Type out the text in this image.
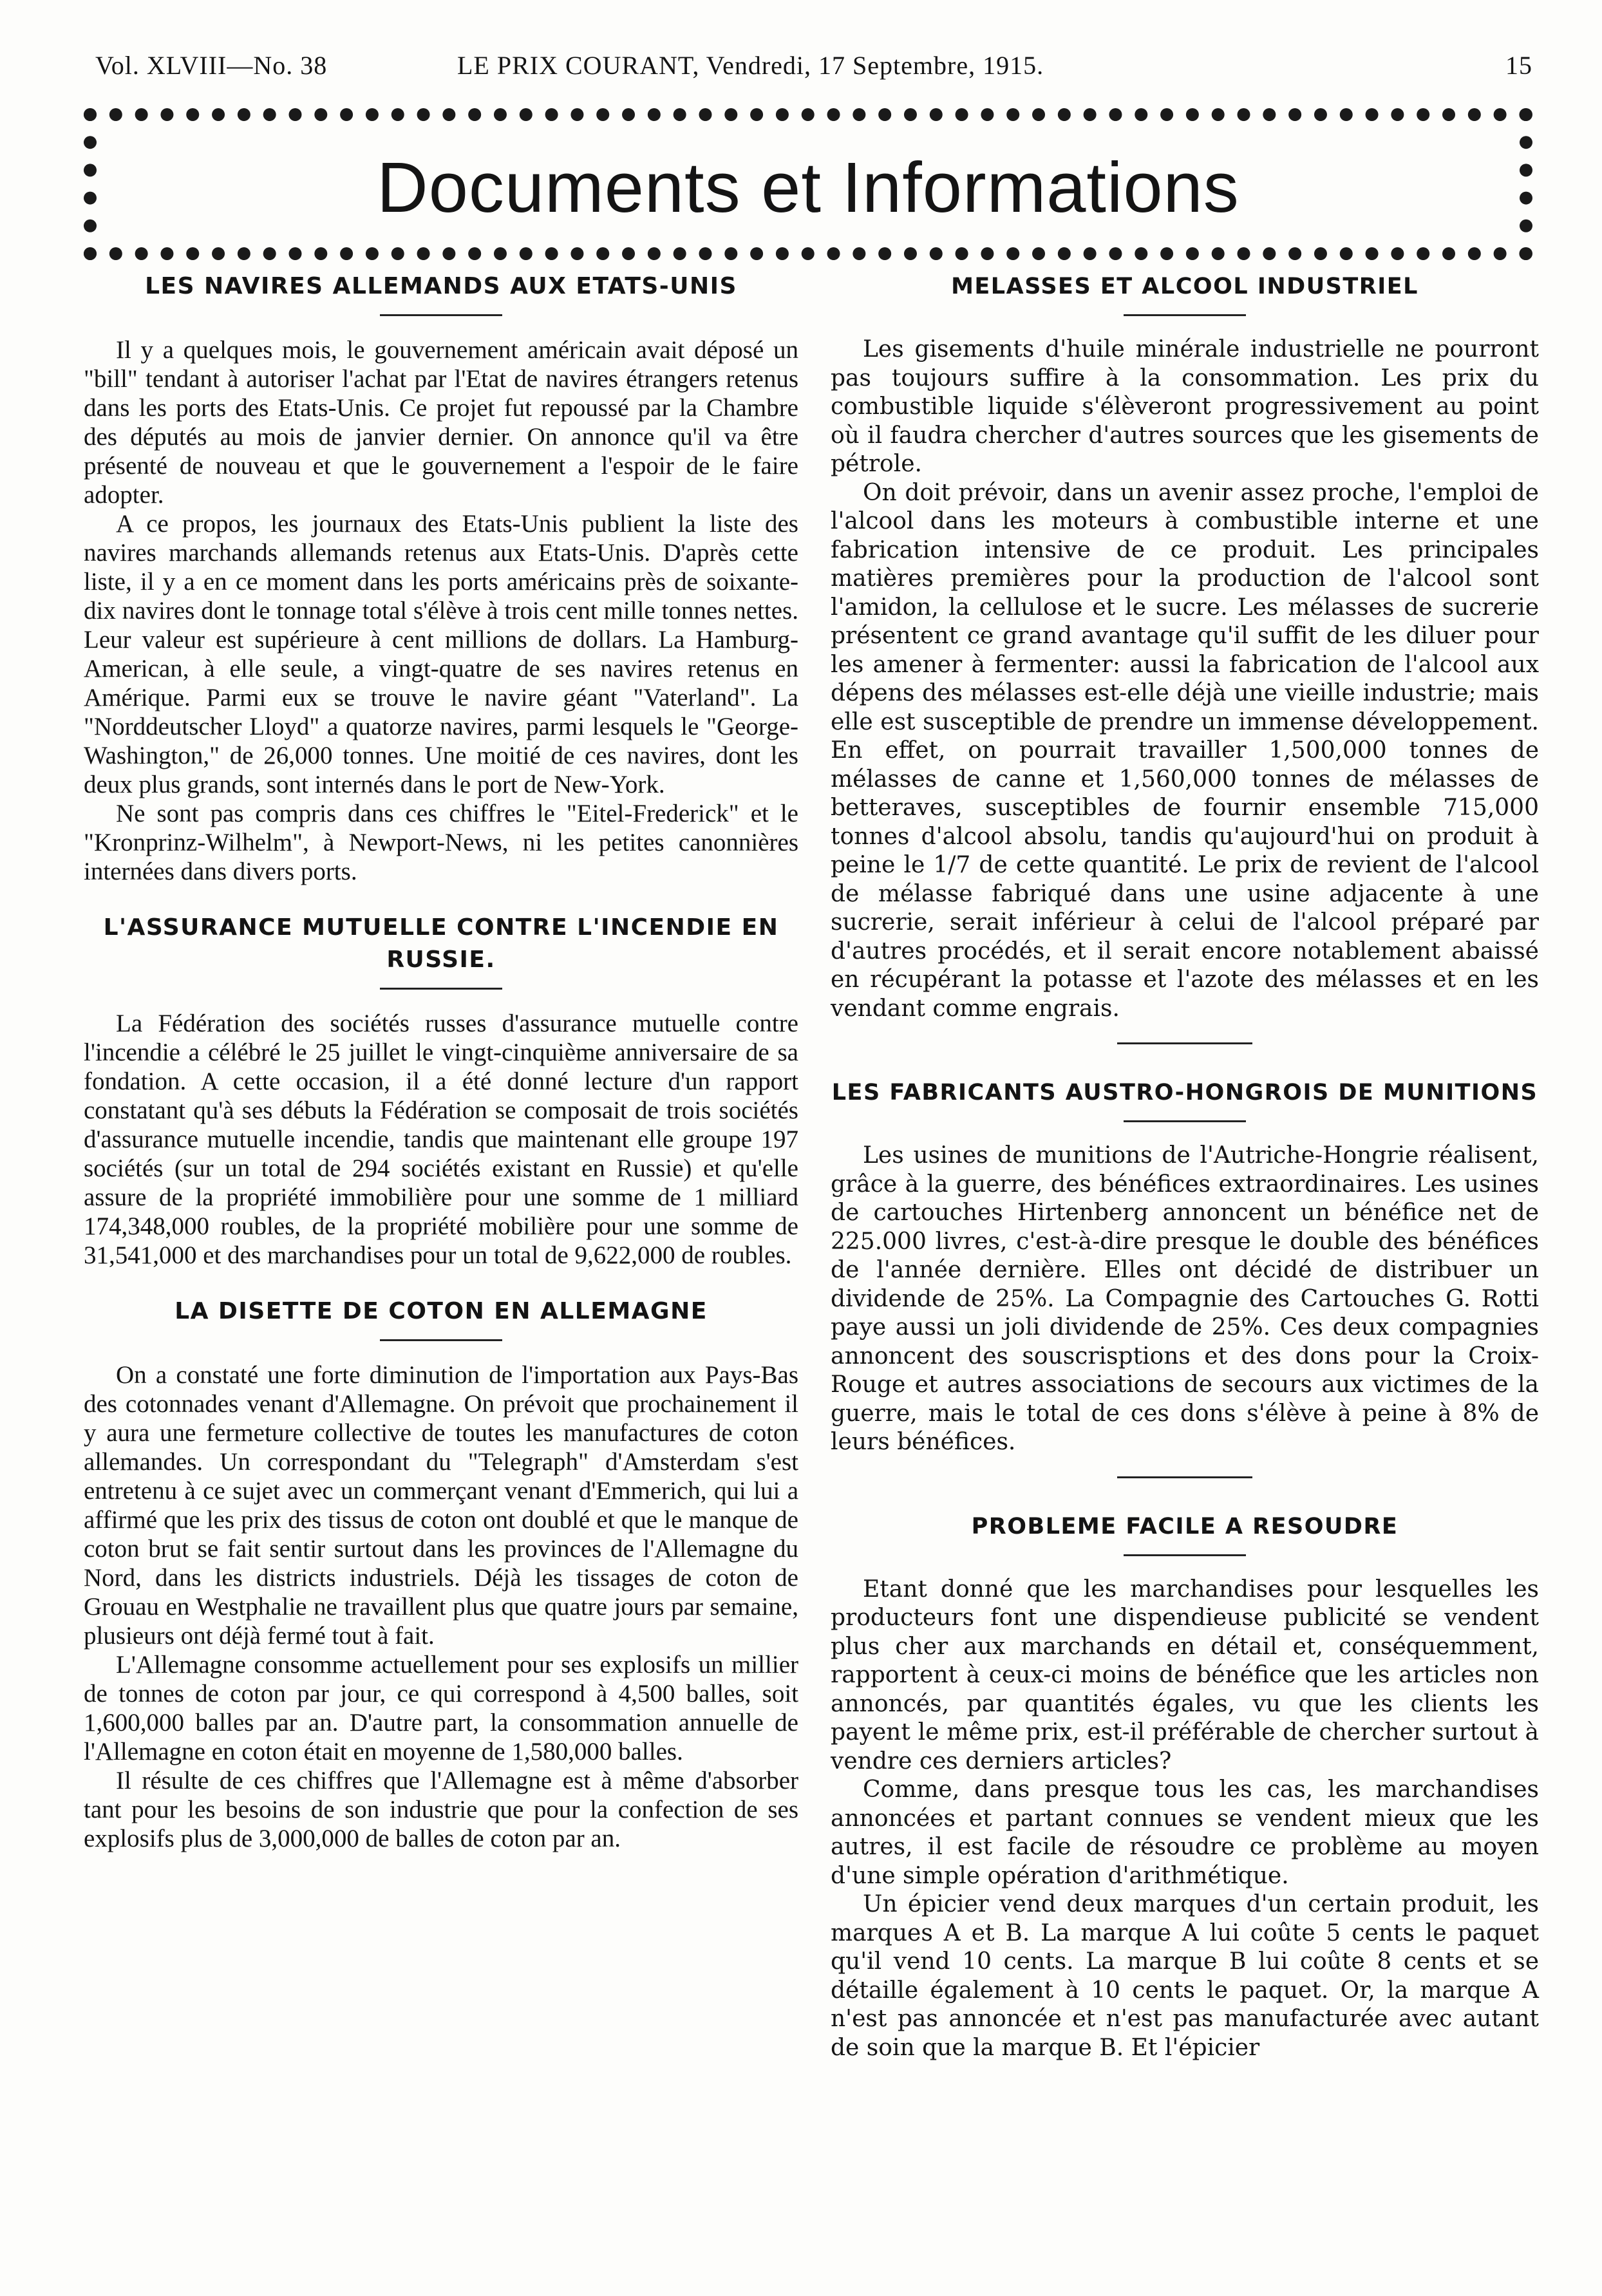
Vol. XLVIII—No. 38	LE PRIX COURANT, Vendredi, 17 Septembre, 1915.	15
Documents et Informations
LES NAVIRES ALLEMANDS AUX ETATS-UNIS

Il y a quelques mois, le gouvernement américain avait déposé un "bill" tendant à autoriser l'achat par l'Etat de navires étrangers retenus dans les ports des Etats-Unis. Ce projet fut repoussé par la Chambre des députés au mois de janvier dernier. On annonce qu'il va être présenté de nouveau et que le gouvernement a l'espoir de le faire adopter.

A ce propos, les journaux des Etats-Unis publient la liste des navires marchands allemands retenus aux Etats-Unis. D'après cette liste, il y a en ce moment dans les ports américains près de soixante-dix navires dont le tonnage total s'élève à trois cent mille tonnes nettes. Leur valeur est supérieure à cent millions de dollars. La Hamburg-American, à elle seule, a vingt-quatre de ses navires retenus en Amérique. Parmi eux se trouve le navire géant "Vaterland". La "Norddeutscher Lloyd" a quatorze navires, parmi lesquels le "George-Washington," de 26,000 tonnes. Une moitié de ces navires, dont les deux plus grands, sont internés dans le port de New-York.

Ne sont pas compris dans ces chiffres le "Eitel-Frederick" et le "Kronprinz-Wilhelm", à Newport-News, ni les petites canonnières internées dans divers ports.

L'ASSURANCE MUTUELLE CONTRE L'INCENDIE EN RUSSIE.

La Fédération des sociétés russes d'assurance mutuelle contre l'incendie a célébré le 25 juillet le vingt-cinquième anniversaire de sa fondation. A cette occasion, il a été donné lecture d'un rapport constatant qu'à ses débuts la Fédération se composait de trois sociétés d'assurance mutuelle incendie, tandis que maintenant elle groupe 197 sociétés (sur un total de 294 sociétés existant en Russie) et qu'elle assure de la propriété immobilière pour une somme de 1 milliard 174,348,000 roubles, de la propriété mobilière pour une somme de 31,541,000 et des marchandises pour un total de 9,622,000 de roubles.

LA DISETTE DE COTON EN ALLEMAGNE

On a constaté une forte diminution de l'importation aux Pays-Bas des cotonnades venant d'Allemagne. On prévoit que prochainement il y aura une fermeture collective de toutes les manufactures de coton allemandes. Un correspondant du "Telegraph" d'Amsterdam s'est entretenu à ce sujet avec un commerçant venant d'Emmerich, qui lui a affirmé que les prix des tissus de coton ont doublé et que le manque de coton brut se fait sentir surtout dans les provinces de l'Allemagne du Nord, dans les districts industriels. Déjà les tissages de coton de Grouau en Westphalie ne travaillent plus que quatre jours par semaine, plusieurs ont déjà fermé tout à fait.

L'Allemagne consomme actuellement pour ses explosifs un millier de tonnes de coton par jour, ce qui correspond à 4,500 balles, soit 1,600,000 balles par an. D'autre part, la consommation annuelle de l'Allemagne en coton était en moyenne de 1,580,000 balles.

Il résulte de ces chiffres que l'Allemagne est à même d'absorber tant pour les besoins de son industrie que pour la confection de ses explosifs plus de 3,000,000 de balles de coton par an.

MELASSES ET ALCOOL INDUSTRIEL

Les gisements d'huile minérale industrielle ne pourront pas toujours suffire à la consommation. Les prix du combustible liquide s'élèveront progressivement au point où il faudra chercher d'autres sources que les gisements de pétrole.

On doit prévoir, dans un avenir assez proche, l'emploi de l'alcool dans les moteurs à combustible interne et une fabrication intensive de ce produit. Les principales matières premières pour la production de l'alcool sont l'amidon, la cellulose et le sucre. Les mélasses de sucrerie présentent ce grand avantage qu'il suffit de les diluer pour les amener à fermenter: aussi la fabrication de l'alcool aux dépens des mélasses est-elle déjà une vieille industrie; mais elle est susceptible de prendre un immense développement. En effet, on pourrait travailler 1,500,000 tonnes de mélasses de canne et 1,560,000 tonnes de mélasses de betteraves, susceptibles de fournir ensemble 715,000 tonnes d'alcool absolu, tandis qu'aujourd'hui on produit à peine le 1/7 de cette quantité. Le prix de revient de l'alcool de mélasse fabriqué dans une usine adjacente à une sucrerie, serait inférieur à celui de l'alcool préparé par d'autres procédés, et il serait encore notablement abaissé en récupérant la potasse et l'azote des mélasses et en les vendant comme engrais.

LES FABRICANTS AUSTRO-HONGROIS DE MUNITIONS

Les usines de munitions de l'Autriche-Hongrie réalisent, grâce à la guerre, des bénéfices extraordinaires. Les usines de cartouches Hirtenberg annoncent un bénéfice net de 225.000 livres, c'est-à-dire presque le double des bénéfices de l'année dernière. Elles ont décidé de distribuer un dividende de 25%. La Compagnie des Cartouches G. Rotti paye aussi un joli dividende de 25%. Ces deux compagnies annoncent des souscrisptions et des dons pour la Croix-Rouge et autres associations de secours aux victimes de la guerre, mais le total de ces dons s'élève à peine à 8% de leurs bénéfices.

PROBLEME FACILE A RESOUDRE

Etant donné que les marchandises pour lesquelles les producteurs font une dispendieuse publicité se vendent plus cher aux marchands en détail et, conséquemment, rapportent à ceux-ci moins de bénéfice que les articles non annoncés, par quantités égales, vu que les clients les payent le même prix, est-il préférable de chercher surtout à vendre ces derniers articles?

Comme, dans presque tous les cas, les marchandises annoncées et partant connues se vendent mieux que les autres, il est facile de résoudre ce problème au moyen d'une simple opération d'arithmétique.

Un épicier vend deux marques d'un certain produit, les marques A et B. La marque A lui coûte 5 cents le paquet qu'il vend 10 cents. La marque B lui coûte 8 cents et se détaille également à 10 cents le paquet. Or, la marque A n'est pas annoncée et n'est pas manufacturée avec autant de soin que la marque B. Et l'épicier
